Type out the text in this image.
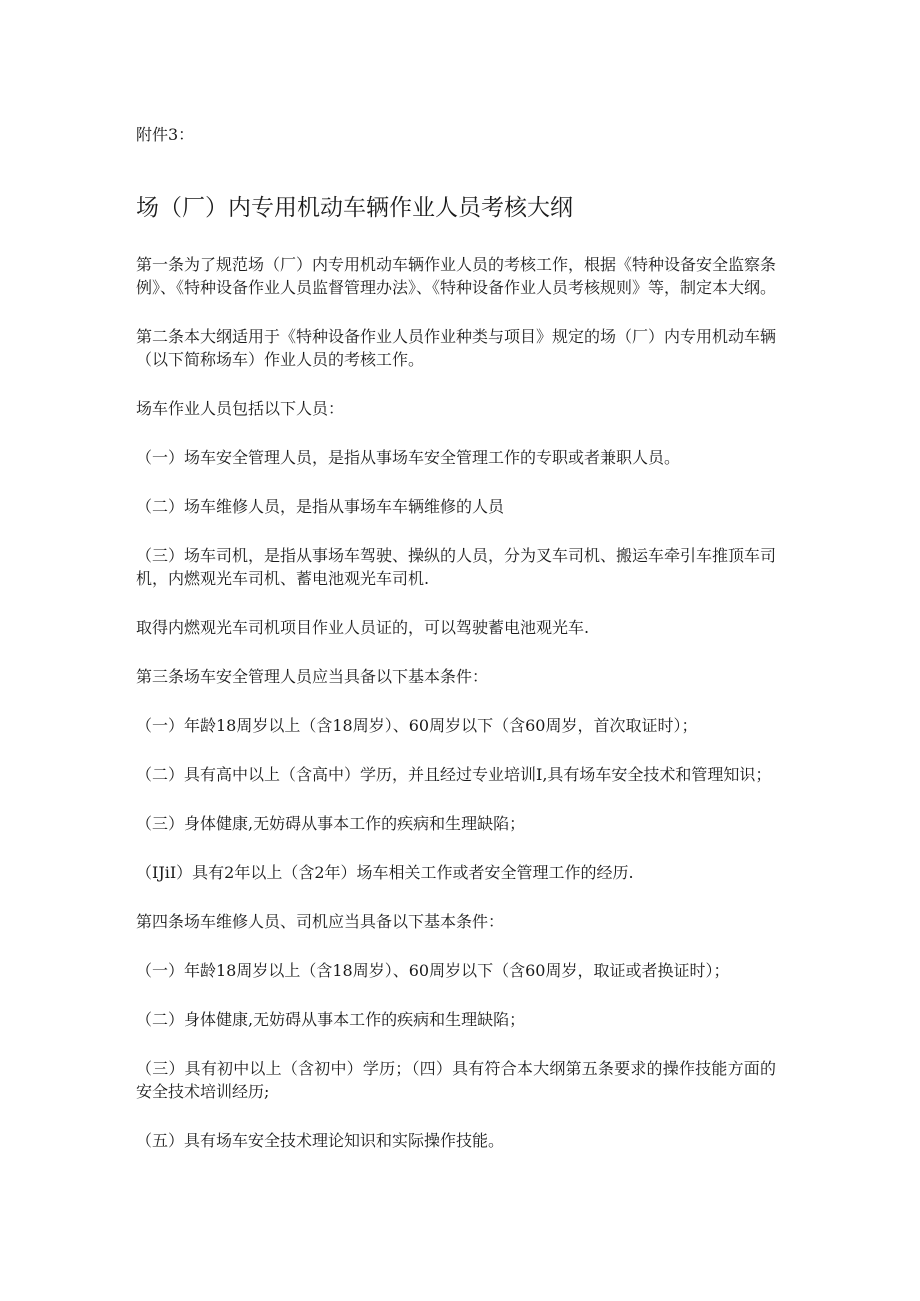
附件3：
场（厂）内专用机动车辆作业人员考核大纲

第一条为了规范场（厂）内专用机动车辆作业人员的考核工作，根据《特种设备安全监察条例》、《特种设备作业人员监督管理办法》、《特种设备作业人员考核规则》等，制定本大纲。

第二条本大纲适用于《特种设备作业人员作业种类与项目》规定的场（厂）内专用机动车辆（以下简称场车）作业人员的考核工作。

场车作业人员包括以下人员：

（一）场车安全管理人员，是指从事场车安全管理工作的专职或者兼职人员。

（二）场车维修人员，是指从事场车车辆维修的人员

（三）场车司机，是指从事场车驾驶、操纵的人员，分为叉车司机、搬运车牵引车推顶车司机，内燃观光车司机、蓄电池观光车司机.

取得内燃观光车司机项目作业人员证的，可以驾驶蓄电池观光车.

第三条场车安全管理人员应当具备以下基本条件：

（一）年龄18周岁以上（含18周岁）、60周岁以下（含60周岁，首次取证时）；

（二）具有高中以上（含高中）学历，并且经过专业培训I,具有场车安全技术和管理知识；

（三）身体健康,无妨碍从事本工作的疾病和生理缺陷；

（IJiI）具有2年以上（含2年）场车相关工作或者安全管理工作的经历.

第四条场车维修人员、司机应当具备以下基本条件：

（一）年龄18周岁以上（含18周岁）、60周岁以下（含60周岁，取证或者换证时）；

（二）身体健康,无妨碍从事本工作的疾病和生理缺陷；

（三）具有初中以上（含初中）学历；（四）具有符合本大纲第五条要求的操作技能方面的安全技术培训经历;

（五）具有场车安全技术理论知识和实际操作技能。
